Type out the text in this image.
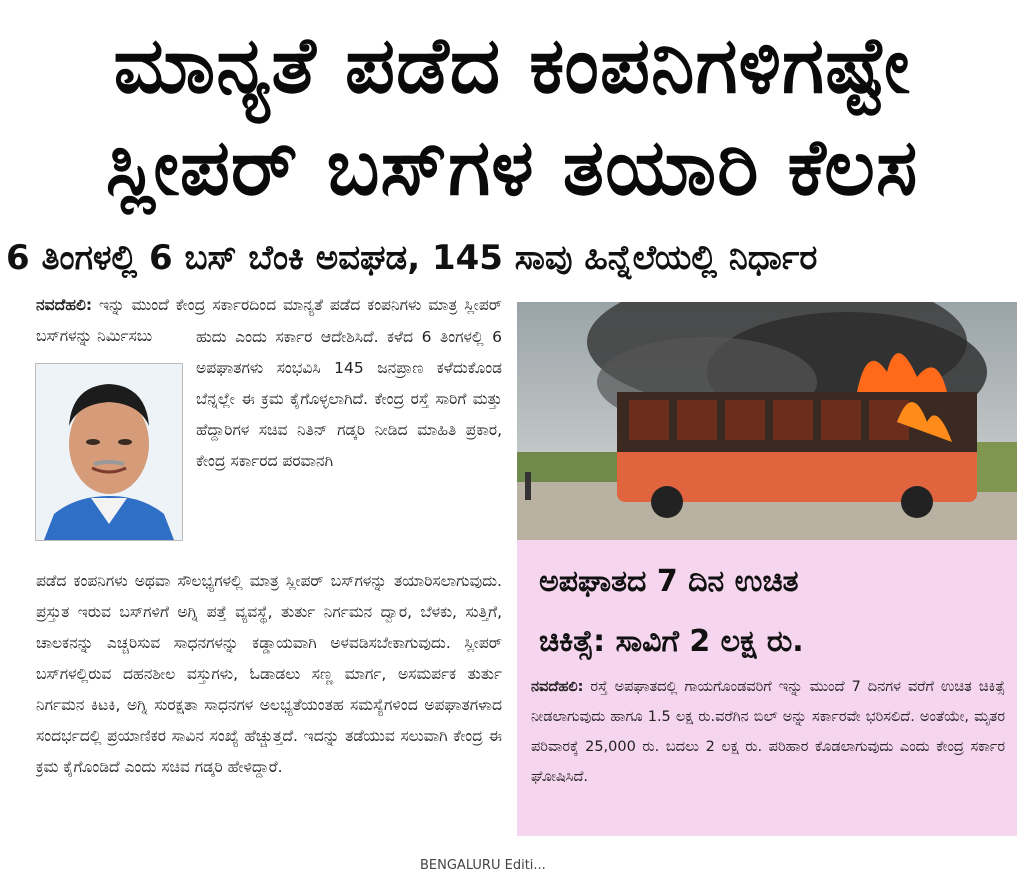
ಮಾನ್ಯತೆ ಪಡೆದ ಕಂಪನಿಗಳಿಗಷ್ಟೇ
ಸ್ಲೀಪರ್ ಬಸ್‌ಗಳ ತಯಾರಿ ಕೆಲಸ
6 ತಿಂಗಳಲ್ಲಿ 6 ಬಸ್ ಬೆಂಕಿ ಅವಘಡ, 145 ಸಾವು ಹಿನ್ನೆಲೆಯಲ್ಲಿ ನಿರ್ಧಾರ
ನವದೆಹಲಿ: ಇನ್ನು ಮುಂದೆ ಕೇಂದ್ರ ಸರ್ಕಾರದಿಂದ ಮಾನ್ಯತೆ ಪಡೆದ ಕಂಪನಿಗಳು ಮಾತ್ರ ಸ್ಲೀಪರ್ ಬಸ್‌ಗಳನ್ನು ನಿರ್ಮಿಸಬು	ಹುದು ಎಂದು ಸರ್ಕಾರ ಆದೇಶಿಸಿದೆ. ಕಳೆದ 6 ತಿಂಗಳಲ್ಲಿ 6 ಅಪಘಾತಗಳು ಸಂಭವಿಸಿ 145 ಜನಪ್ರಾಣ ಕಳೆದುಕೊಂಡ ಬೆನ್ನಲ್ಲೇ ಈ ಕ್ರಮ ಕೈಗೊಳ್ಳಲಾಗಿದೆ. ಕೇಂದ್ರ ರಸ್ತೆ ಸಾರಿಗೆ ಮತ್ತು ಹೆದ್ದಾರಿಗಳ ಸಚಿವ ನಿತಿನ್ ಗಡ್ಕರಿ ನೀಡಿದ ಮಾಹಿತಿ ಪ್ರಕಾರ, ಕೇಂದ್ರ ಸರ್ಕಾರದ ಪರವಾನಗಿ
ಪಡೆದ ಕಂಪನಿಗಳು ಅಥವಾ ಸೌಲಭ್ಯಗಳಲ್ಲಿ ಮಾತ್ರ ಸ್ಲೀಪರ್ ಬಸ್‌ಗಳನ್ನು ತಯಾರಿಸಲಾಗುವುದು. ಪ್ರಸ್ತುತ ಇರುವ ಬಸ್‌ಗಳಿಗೆ ಅಗ್ನಿ ಪತ್ತೆ ವ್ಯವಸ್ಥೆ, ತುರ್ತು ನಿರ್ಗಮನ ದ್ವಾರ, ಬೆಳಕು, ಸುತ್ತಿಗೆ, ಚಾಲಕನನ್ನು ಎಚ್ಚರಿಸುವ ಸಾಧನಗಳನ್ನು ಕಡ್ಡಾಯವಾಗಿ ಅಳವಡಿಸಬೇಕಾಗುವುದು. ಸ್ಲೀಪರ್ ಬಸ್‌ಗಳಲ್ಲಿರುವ ದಹನಶೀಲ ವಸ್ತುಗಳು, ಓಡಾಡಲು ಸಣ್ಣ ಮಾರ್ಗ, ಅಸಮರ್ಪಕ ತುರ್ತು ನಿರ್ಗಮನ ಕಿಟಕಿ, ಅಗ್ನಿ ಸುರಕ್ಷತಾ ಸಾಧನಗಳ ಅಲಭ್ಯತೆಯಂತಹ ಸಮಸ್ಯೆಗಳಿಂದ ಅಪಘಾತಗಳಾದ ಸಂದರ್ಭದಲ್ಲಿ ಪ್ರಯಾಣಿಕರ ಸಾವಿನ ಸಂಖ್ಯೆ ಹೆಚ್ಚುತ್ತದೆ. ಇದನ್ನು ತಡೆಯುವ ಸಲುವಾಗಿ ಕೇಂದ್ರ ಈ ಕ್ರಮ ಕೈಗೊಂಡಿದೆ ಎಂದು ಸಚಿವ ಗಡ್ಕರಿ ಹೇಳಿದ್ದಾರೆ.
ಅಪಘಾತದ 7 ದಿನ ಉಚಿತ
ಚಿಕಿತ್ಸೆ: ಸಾವಿಗೆ 2 ಲಕ್ಷ ರು.
ನವದೆಹಲಿ: ರಸ್ತೆ ಅಪಘಾತದಲ್ಲಿ ಗಾಯಗೊಂಡವರಿಗೆ ಇನ್ನು ಮುಂದೆ 7 ದಿನಗಳ ವರೆಗೆ ಉಚಿತ ಚಿಕಿತ್ಸೆ ನೀಡಲಾಗುವುದು ಹಾಗೂ 1.5 ಲಕ್ಷ ರು.ವರೆಗಿನ ಬಿಲ್ ಅನ್ನು ಸರ್ಕಾರವೇ ಭರಿಸಲಿದೆ. ಅಂತೆಯೇ, ಮೃತರ ಪರಿವಾರಕ್ಕೆ 25,000 ರು. ಬದಲು 2 ಲಕ್ಷ ರು. ಪರಿಹಾರ ಕೊಡಲಾಗುವುದು ಎಂದು ಕೇಂದ್ರ ಸರ್ಕಾರ ಘೋಷಿಸಿದೆ.
BENGALURU Editi...
